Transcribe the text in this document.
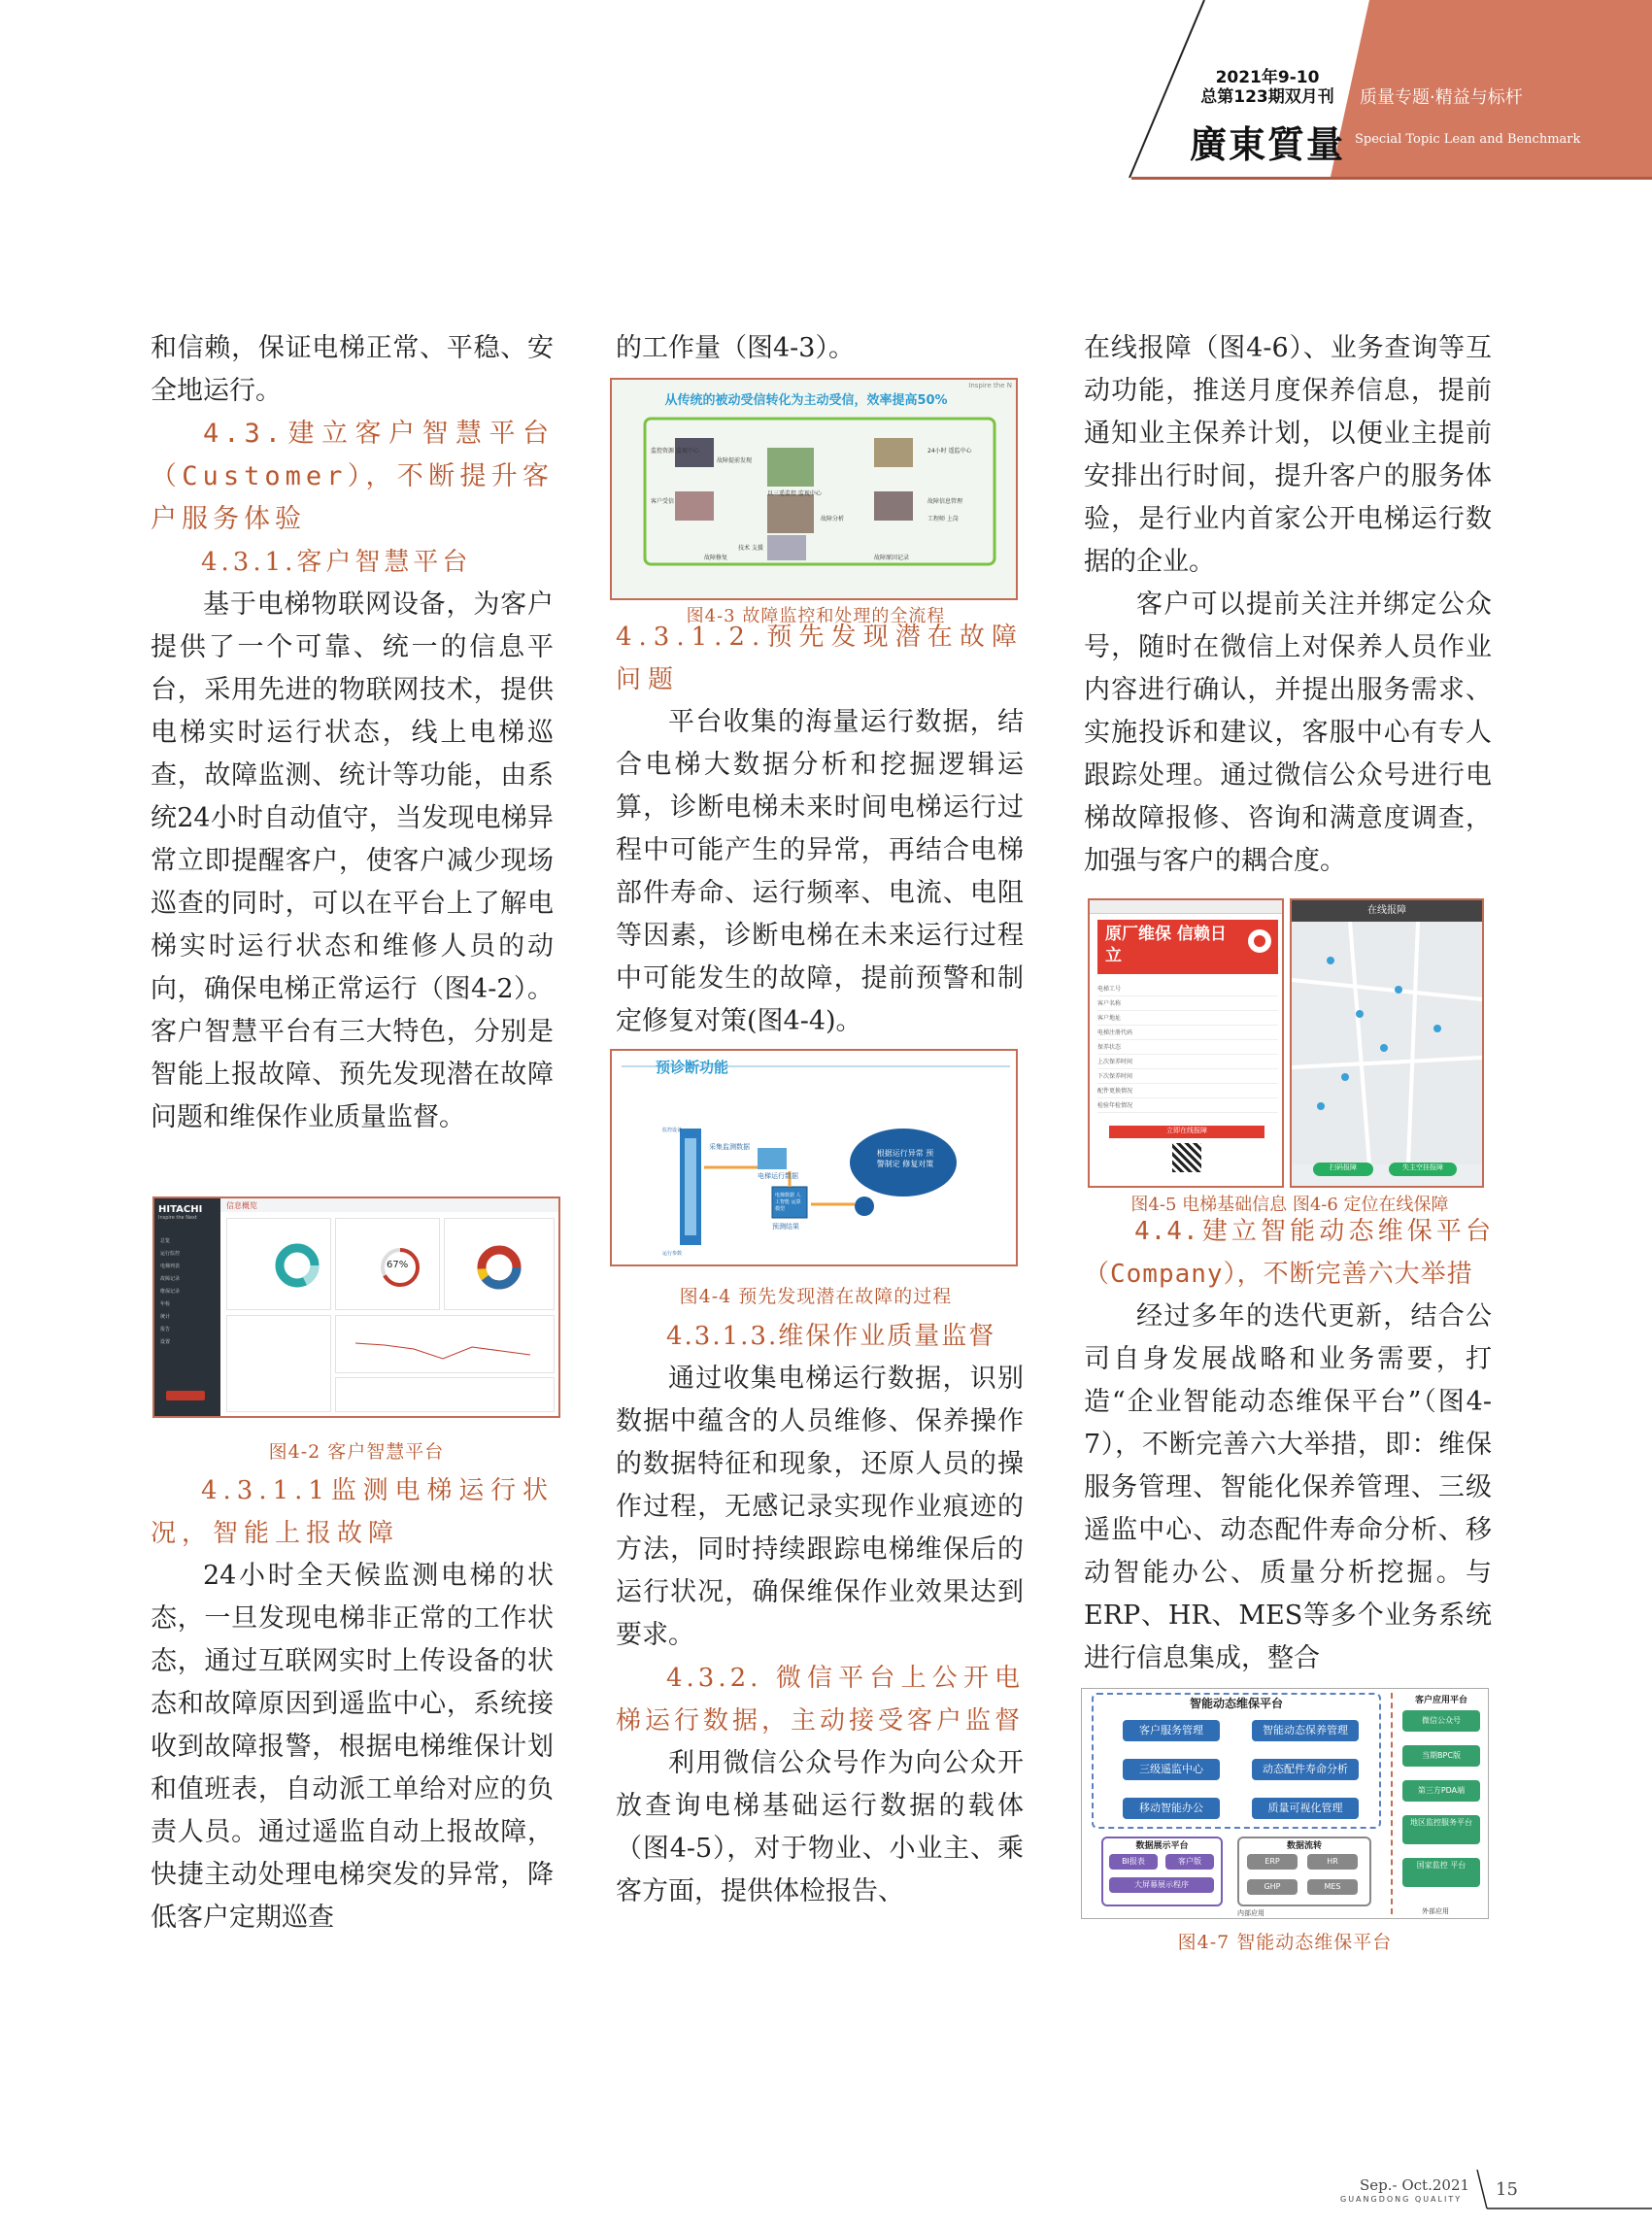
2021年9-10
总第123期双月刊
廣東質量
质量专题·精益与标杆
Special Topic Lean and Benchmark

和信赖，保证电梯正常、平稳、安全地运行。

4.3.建立客户智慧平台（Customer），不断提升客户服务体验
4.3.1.客户智慧平台

基于电梯物联网设备，为客户提供了一个可靠、统一的信息平台，采用先进的物联网技术，提供电梯实时运行状态，线上电梯巡查，故障监测、统计等功能，由系统24小时自动值守，当发现电梯异常立即提醒客户，使客户减少现场巡查的同时，可以在平台上了解电梯实时运行状态和维修人员的动向，确保电梯正常运行（图4-2）。客户智慧平台有三大特色，分别是智能上报故障、预先发现潜在故障问题和维保作业质量监督。

HITACHI
Inspire the Next
总览
运行监控
电梯列表
故障记录
维保记录
年检
统计
报告
设置
信息概览
67%
图4-2 客户智慧平台
4.3.1.1监测电梯运行状况，智能上报故障

24小时全天候监测电梯的状态，一旦发现电梯非正常的工作状态，通过互联网实时上传设备的状态和故障原因到遥监中心，系统接收到故障报警，根据电梯维保计划和值班表，自动派工单给对应的负责人员。通过遥监自动上报故障，快捷主动处理电梯突发的异常，降低客户定期巡查

的工作量（图4-3）。

从传统的被动受信转化为主动受信，效率提高50%
Inspire the N
监控资源 监视中心
故障提前发现
24小时 遥监中心
客户受信	故障信息管理
以三遥监控 监视中心
故障分析	工程师 上岗
故障修复
技术 支援
故障原因记录
图4-3 故障监控和处理的全流程
4.3.1.2.预先发现潜在故障问题

平台收集的海量运行数据，结合电梯大数据分析和挖掘逻辑运算，诊断电梯未来时间电梯运行过程中可能产生的异常，再结合电梯部件寿命、运行频率、电流、电阻等因素，诊断电梯在未来运行过程中可能发生的故障，提前预警和制定修复对策(图4-4)。

预诊断功能
采集监测数据
电梯运行数据
电梯数据 人工智能 运算模型
预测结果
根据运行异常 预警制定 修复对策
监控设备
运行参数
图4-4 预先发现潜在故障的过程
4.3.1.3.维保作业质量监督

通过收集电梯运行数据，识别数据中蕴含的人员维修、保养操作的数据特征和现象，还原人员的操作过程，无感记录实现作业痕迹的方法，同时持续跟踪电梯维保后的运行状况，确保维保作业效果达到要求。

4.3.2. 微信平台上公开电梯运行数据，主动接受客户监督

利用微信公众号作为向公众开放查询电梯基础运行数据的载体（图4-5），对于物业、小业主、乘客方面，提供体检报告、

在线报障（图4-6）、业务查询等互动功能，推送月度保养信息，提前通知业主保养计划，以便业主提前安排出行时间，提升客户的服务体验，是行业内首家公开电梯运行数据的企业。

客户可以提前关注并绑定公众号，随时在微信上对保养人员作业内容进行确认，并提出服务需求、实施投诉和建议，客服中心有专人跟踪处理。通过微信公众号进行电梯故障报修、咨询和满意度调查，加强与客户的耦合度。

原厂维保 信赖日立
电梯工号
客户名称
客户地址
电梯注册代码
保养状态
上次保养时间
下次保养时间
配件更换情况
检验年检情况
立即在线报障
在线报障
扫码报障	失主空挂报障
图4-5 电梯基础信息 图4-6 定位在线保障
4.4.建立智能动态维保平台（Company），不断完善六大举措

经过多年的迭代更新，结合公司自身发展战略和业务需要，打造“企业智能动态维保平台”（图4-7），不断完善六大举措，即：维保服务管理、智能化保养管理、三级遥监中心、动态配件寿命分析、移动智能办公、质量分析挖掘。与ERP、HR、MES等多个业务系统进行信息集成，整合

智能动态维保平台
客户服务管理
三级遥监中心
移动智能办公
智能动态保养管理
动态配件寿命分析
质量可视化管理
数据展示平台
BI报表	客户版
大屏幕展示程序
数据流转
ERP	HR
GHP	MES
内部应用
客户应用平台
微信公众号
当期BPC版
第三方PDA端
地区监控服务平台
国家监控 平台
外部应用
图4-7 智能动态维保平台
Sep.- Oct.2021
GUANGDONG QUALITY 15
